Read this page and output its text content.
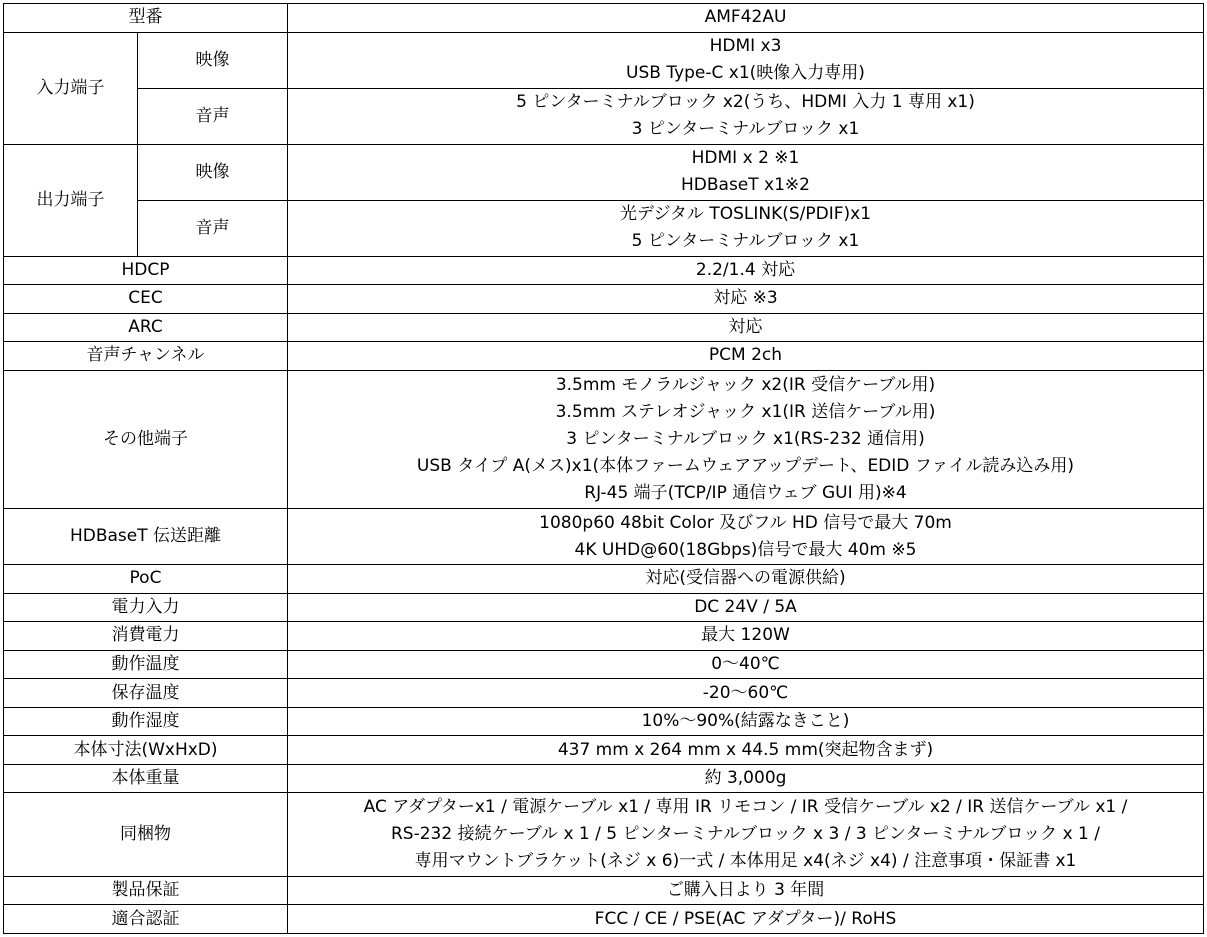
型番		AMF42AU

入力端子	映像	HDMI x3
USB Type-C x1(映像入力専用)

	音声	5 ピンターミナルブロック x2(うち、HDMI 入力 1 専用 x1)
3 ピンターミナルブロック x1

出力端子	映像	HDMI x 2 ※1
HDBaseT x1※2

	音声	光デジタル TOSLINK(S/PDIF)x1
5 ピンターミナルブロック x1

HDCP		2.2/1.4 対応

CEC		対応 ※3

ARC		対応

音声チャンネル		PCM 2ch

その他端子		3.5mm モノラルジャック x2(IR 受信ケーブル用)
3.5mm ステレオジャック x1(IR 送信ケーブル用)
3 ピンターミナルブロック x1(RS-232 通信用)
USB タイプ A(メス)x1(本体ファームウェアアップデート、EDID ファイル読み込み用)
RJ-45 端子(TCP/IP 通信ウェブ GUI 用)※4

HDBaseT 伝送距離		1080p60 48bit Color 及びフル HD 信号で最大 70m
4K UHD@60(18Gbps)信号で最大 40m ※5

PoC		対応(受信器への電源供給)

電力入力		DC 24V / 5A

消費電力		最大 120W

動作温度		0～40℃

保存温度		-20～60℃

動作湿度		10%～90%(結露なきこと)

本体寸法(WxHxD)		437 mm x 264 mm x 44.5 mm(突起物含まず)

本体重量		約 3,000g

同梱物		AC アダプターx1 / 電源ケーブル x1 / 専用 IR リモコン / IR 受信ケーブル x2 / IR 送信ケーブル x1 /
RS-232 接続ケーブル x 1 / 5 ピンターミナルブロック x 3 / 3 ピンターミナルブロック x 1 /
専用マウントブラケット(ネジ x 6)一式 / 本体用足 x4(ネジ x4) / 注意事項・保証書 x1

製品保証		ご購入日より 3 年間

適合認証		FCC / CE / PSE(AC アダプター)/ RoHS
